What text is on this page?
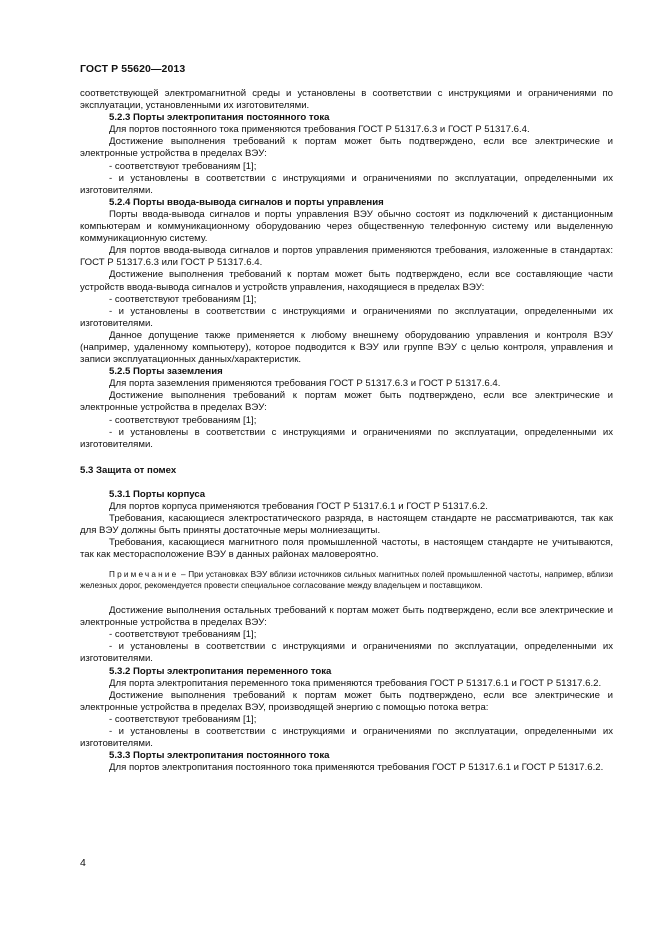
ГОСТ Р 55620—2013

соответствующей электромагнитной среды и установлены в соответствии с инструкциями и ограничениями по эксплуатации, установленными их изготовителями.

5.2.3 Порты электропитания постоянного тока

Для портов постоянного тока применяются требования ГОСТ Р 51317.6.3 и ГОСТ Р 51317.6.4.

Достижение выполнения требований к портам может быть подтверждено, если все электрические и электронные устройства в пределах ВЭУ:

- соответствуют требованиям [1];

- и установлены в соответствии с инструкциями и ограничениями по эксплуатации, определенными их изготовителями.

5.2.4 Порты ввода-вывода сигналов и порты управления

Порты ввода-вывода сигналов и порты управления ВЭУ обычно состоят из подключений к дистанционным компьютерам и коммуникационному оборудованию через общественную телефонную систему или выделенную коммуникационную систему.

Для портов ввода-вывода сигналов и портов управления применяются требования, изложенные в стандартах: ГОСТ Р 51317.6.3 или ГОСТ Р 51317.6.4.

Достижение выполнения требований к портам может быть подтверждено, если все составляющие части устройств ввода-вывода сигналов и устройств управления, находящиеся в пределах ВЭУ:

- соответствуют требованиям [1];

- и установлены в соответствии с инструкциями и ограничениями по эксплуатации, определенными их изготовителями.

Данное допущение также применяется к любому внешнему оборудованию управления и контроля ВЭУ (например, удаленному компьютеру), которое подводится к ВЭУ или группе ВЭУ с целью контроля, управления и записи эксплуатационных данных/характеристик.

5.2.5 Порты заземления

Для порта заземления применяются требования ГОСТ Р 51317.6.3 и ГОСТ Р 51317.6.4.

Достижение выполнения требований к портам может быть подтверждено, если все электрические и электронные устройства в пределах ВЭУ:

- соответствуют требованиям [1];

- и установлены в соответствии с инструкциями и ограничениями по эксплуатации, определенными их изготовителями.

5.3 Защита от помех

5.3.1 Порты корпуса

Для портов корпуса применяются требования ГОСТ Р 51317.6.1 и ГОСТ Р 51317.6.2.

Требования, касающиеся электростатического разряда, в настоящем стандарте не рассматриваются, так как для ВЭУ должны быть приняты достаточные меры молниезащиты.

Требования, касающиеся магнитного поля промышленной частоты, в настоящем стандарте не учитываются, так как месторасположение ВЭУ в данных районах маловероятно.

Примечание – При установках ВЭУ вблизи источников сильных магнитных полей промышленной частоты, например, вблизи железных дорог, рекомендуется провести специальное согласование между владельцем и поставщиком.

Достижение выполнения остальных требований к портам может быть подтверждено, если все электрические и электронные устройства в пределах ВЭУ:

- соответствуют требованиям [1];

- и установлены в соответствии с инструкциями и ограничениями по эксплуатации, определенными их изготовителями.

5.3.2 Порты электропитания переменного тока

Для порта электропитания переменного тока применяются требования ГОСТ Р 51317.6.1 и ГОСТ Р 51317.6.2.

Достижение выполнения требований к портам может быть подтверждено, если все электрические и электронные устройства в пределах ВЭУ, производящей энергию с помощью потока ветра:

- соответствуют требованиям [1];

- и установлены в соответствии с инструкциями и ограничениями по эксплуатации, определенными их изготовителями.

5.3.3 Порты электропитания постоянного тока

Для портов электропитания постоянного тока применяются требования ГОСТ Р 51317.6.1 и ГОСТ Р 51317.6.2.

4
